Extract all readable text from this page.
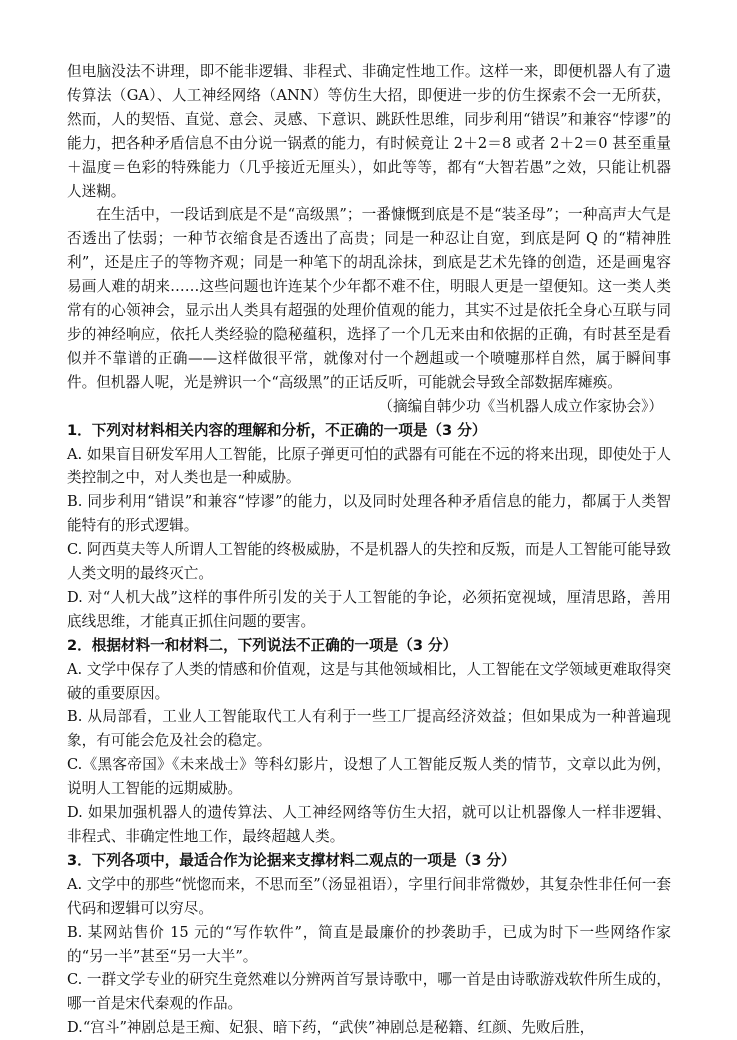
但电脑没法不讲理，即不能非逻辑、非程式、非确定性地工作。这样一来，即便机器人有了遗传算法（GA）、人工神经网络（ANN）等仿生大招，即便进一步的仿生探索不会一无所获，然而，人的契悟、直觉、意会、灵感、下意识、跳跃性思维，同步利用“错误”和兼容“悖谬”的能力，把各种矛盾信息不由分说一锅煮的能力，有时候竟让 2＋2＝8 或者 2＋2＝0 甚至重量＋温度＝色彩的特殊能力（几乎接近无厘头），如此等等，都有“大智若愚”之效，只能让机器人迷糊。

在生活中，一段话到底是不是“高级黑”；一番慷慨到底是不是“装圣母”；一种高声大气是否透出了怯弱；一种节衣缩食是否透出了高贵；同是一种忍让自宽，到底是阿 Q 的“精神胜利”，还是庄子的等物齐观；同是一种笔下的胡乱涂抹，到底是艺术先锋的创造，还是画鬼容易画人难的胡来……这些问题也许连某个少年都不难不住，明眼人更是一望便知。这一类人类常有的心领神会，显示出人类具有超强的处理价值观的能力，其实不过是依托全身心互联与同步的神经响应，依托人类经验的隐秘蕴积，选择了一个几无来由和依据的正确，有时甚至是看似并不靠谱的正确——这样做很平常，就像对付一个趔趄或一个喷嚏那样自然，属于瞬间事件。但机器人呢，光是辨识一个“高级黑”的正话反听，可能就会导致全部数据库瘫痪。

（摘编自韩少功《当机器人成立作家协会》）

1．下列对材料相关内容的理解和分析，不正确的一项是（3 分）

A. 如果盲目研发军用人工智能，比原子弹更可怕的武器有可能在不远的将来出现，即使处于人类控制之中，对人类也是一种威胁。

B. 同步利用“错误”和兼容“悖谬”的能力，以及同时处理各种矛盾信息的能力，都属于人类智能特有的形式逻辑。

C. 阿西莫夫等人所谓人工智能的终极威胁，不是机器人的失控和反叛，而是人工智能可能导致人类文明的最终灭亡。

D. 对“人机大战”这样的事件所引发的关于人工智能的争论，必须拓宽视域，厘清思路，善用底线思维，才能真正抓住问题的要害。

2．根据材料一和材料二，下列说法不正确的一项是（3 分）

A. 文学中保存了人类的情感和价值观，这是与其他领域相比，人工智能在文学领域更难取得突破的重要原因。

B. 从局部看，工业人工智能取代工人有利于一些工厂提高经济效益；但如果成为一种普遍现象，有可能会危及社会的稳定。

C.《黑客帝国》《未来战士》等科幻影片，设想了人工智能反叛人类的情节，文章以此为例，说明人工智能的远期威胁。

D. 如果加强机器人的遗传算法、人工神经网络等仿生大招，就可以让机器像人一样非逻辑、非程式、非确定性地工作，最终超越人类。

3．下列各项中，最适合作为论据来支撑材料二观点的一项是（3 分）

A. 文学中的那些“恍惚而来，不思而至”（汤显祖语），字里行间非常微妙，其复杂性非任何一套代码和逻辑可以穷尽。

B. 某网站售价 15 元的“写作软件”，简直是最廉价的抄袭助手，已成为时下一些网络作家的“另一半”甚至“另一大半”。

C. 一群文学专业的研究生竟然难以分辨两首写景诗歌中，哪一首是由诗歌游戏软件所生成的，哪一首是宋代秦观的作品。

D.“宫斗”神剧总是王痴、妃狠、暗下药，“武侠”神剧总是秘籍、红颜、先败后胜，
